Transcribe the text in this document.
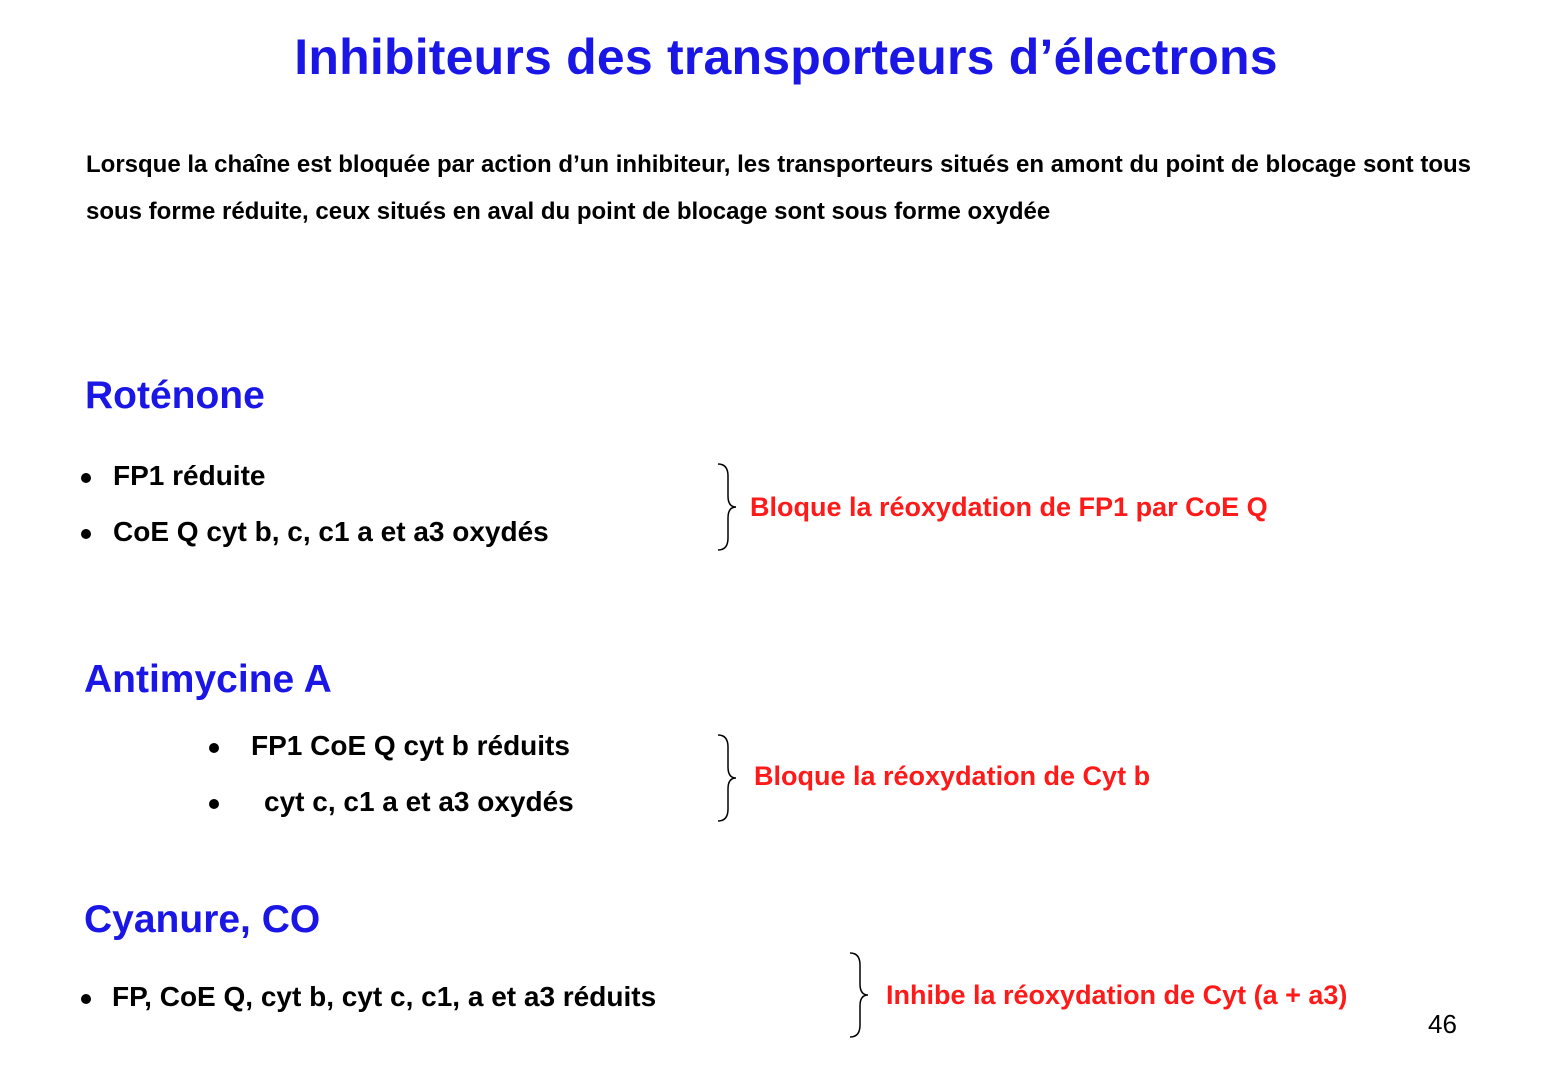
Inhibiteurs des transporteurs d’électrons

Lorsque la chaîne est bloquée par action d’un inhibiteur, les transporteurs situés en amont du point de blocage sont tous sous forme réduite, ceux situés en aval du point de blocage sont sous forme oxydée

Roténone
FP1 réduite
CoE Q cyt b, c, c1 a et a3 oxydés
Bloque la réoxydation de FP1 par CoE Q
Antimycine A
FP1 CoE Q cyt b réduits
cyt c, c1 a et a3 oxydés
Bloque la réoxydation de Cyt b
Cyanure, CO
FP, CoE Q, cyt b, cyt c, c1, a et a3 réduits	Inhibe la réoxydation de Cyt (a + a3)
46
